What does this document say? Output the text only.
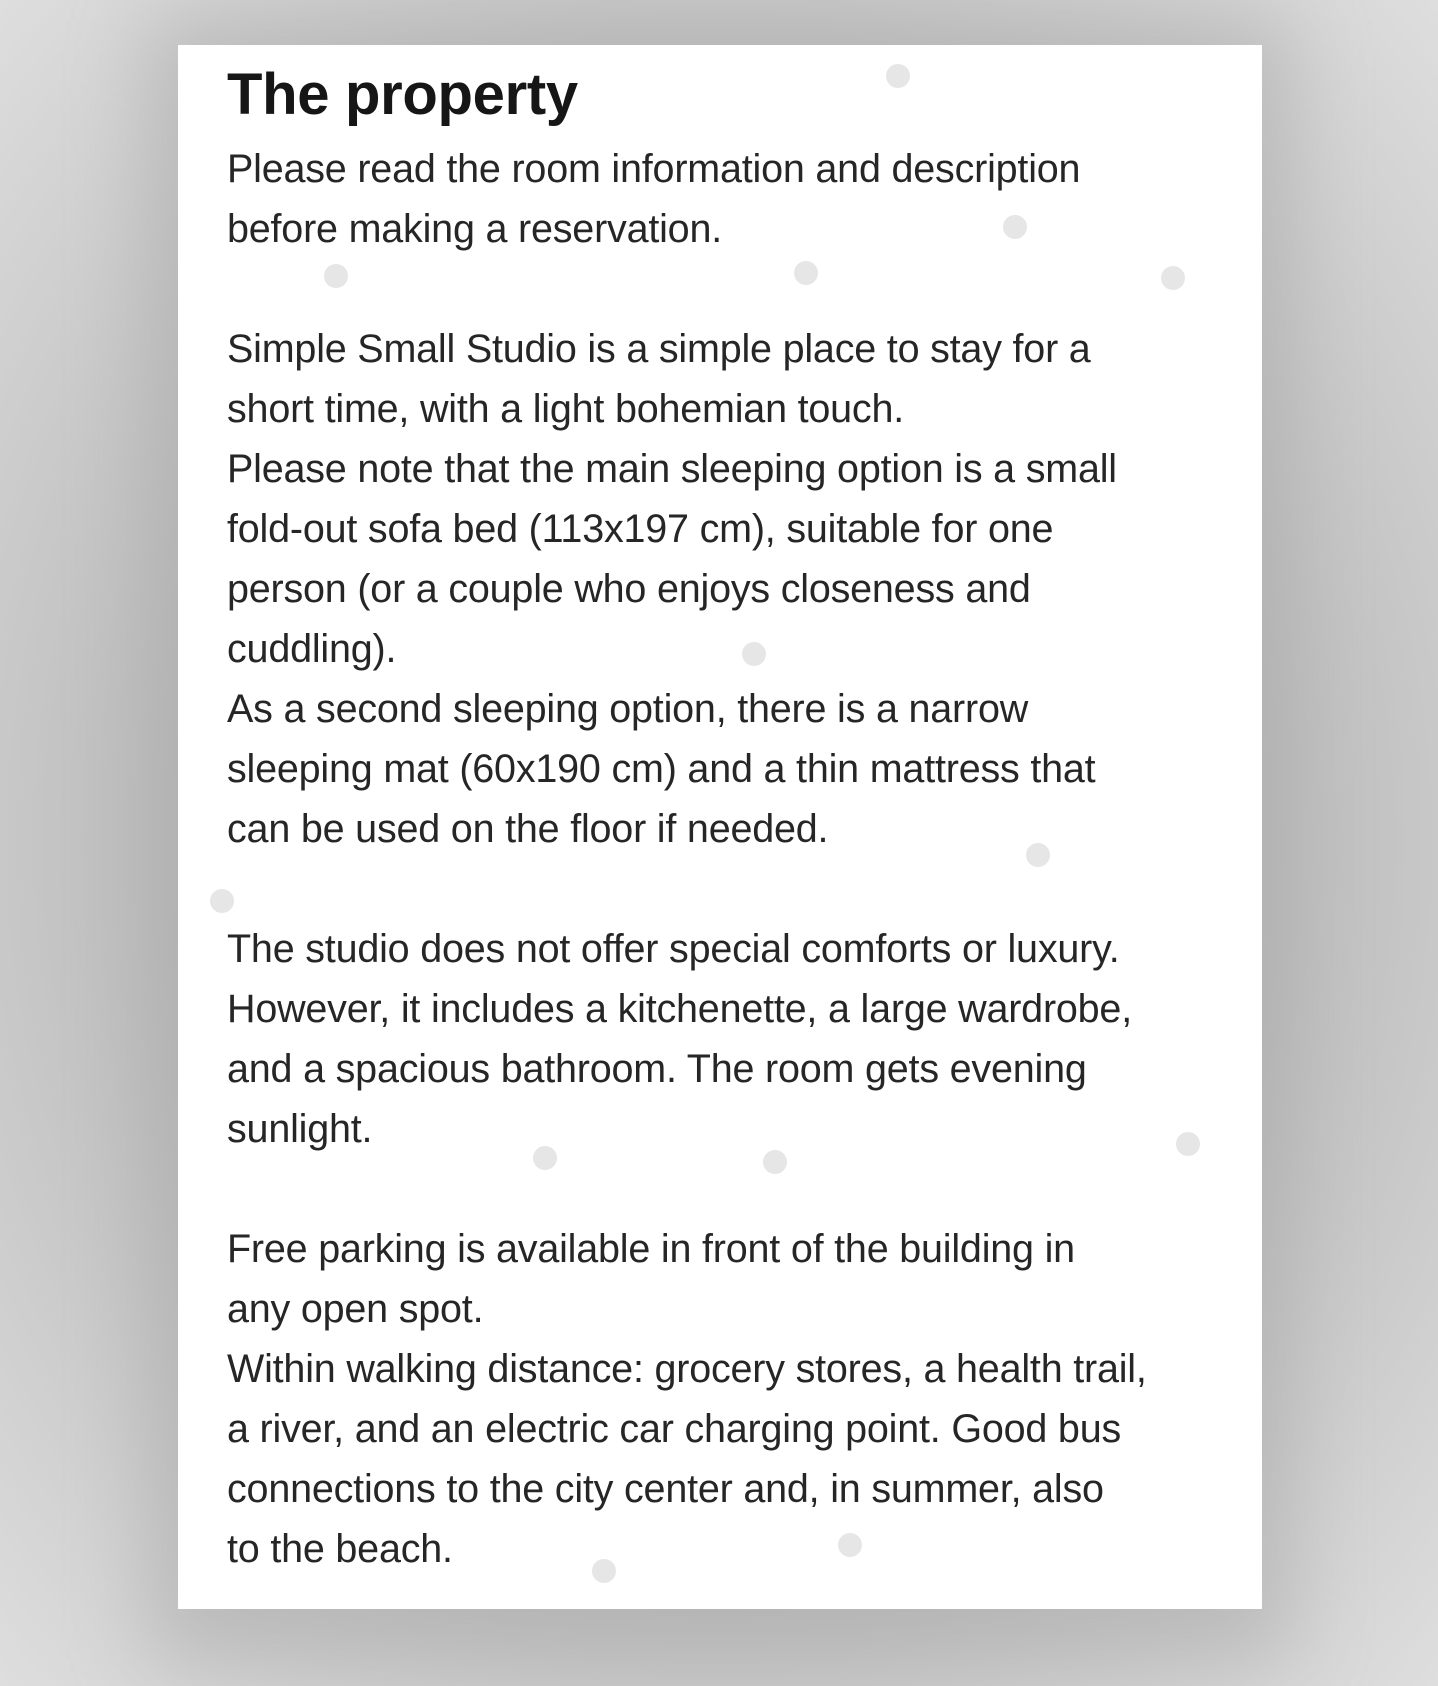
The property

Please read the room information and description

before making a reservation.

Simple Small Studio is a simple place to stay for a

short time, with a light bohemian touch.

Please note that the main sleeping option is a small

fold-out sofa bed (113x197 cm), suitable for one

person (or a couple who enjoys closeness and

cuddling).

As a second sleeping option, there is a narrow

sleeping mat (60x190 cm) and a thin mattress that

can be used on the floor if needed.

The studio does not offer special comforts or luxury.

However, it includes a kitchenette, a large wardrobe,

and a spacious bathroom. The room gets evening

sunlight.

Free parking is available in front of the building in

any open spot.

Within walking distance: grocery stores, a health trail,

a river, and an electric car charging point. Good bus

connections to the city center and, in summer, also

to the beach.
